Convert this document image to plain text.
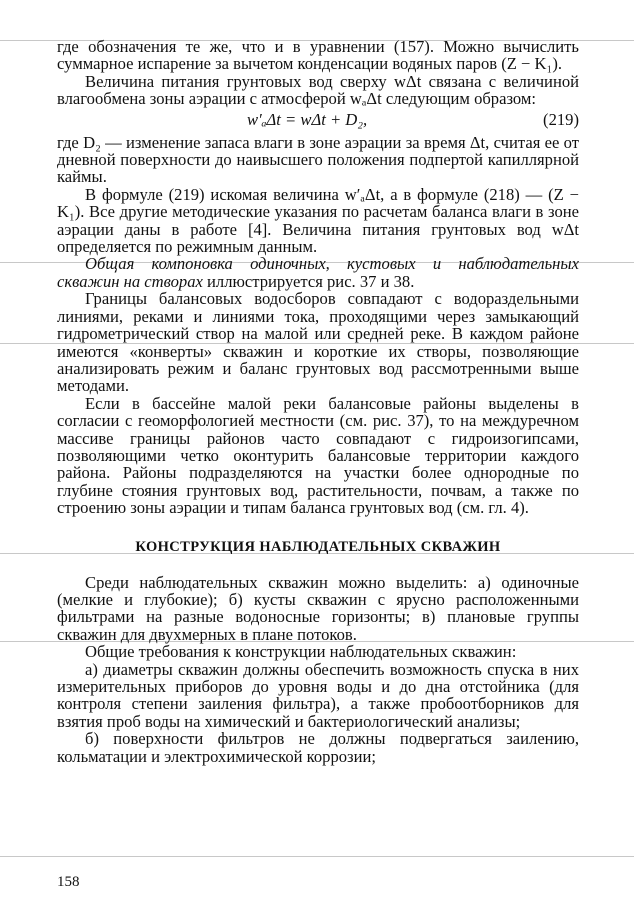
где обозначения те же, что и в уравнении (157). Можно вычислить суммарное испарение за вычетом конденсации водяных паров (Z − K₁).

Величина питания грунтовых вод сверху wΔt связана с величиной влагообмена зоны аэрации с атмосферой wₐΔt следующим образом:

w′ₐΔt = wΔt + D₂,	(219)

где D₂ — изменение запаса влаги в зоне аэрации за время Δt, считая ее от дневной поверхности до наивысшего положения подпертой капиллярной каймы.

В формуле (219) искомая величина w′ₐΔt, а в формуле (218) — (Z − K₁). Все другие методические указания по расчетам баланса влаги в зоне аэрации даны в работе [4]. Величина питания грунтовых вод wΔt определяется по режимным данным.

Общая компоновка одиночных, кустовых и наблюдательных скважин на створах иллюстрируется рис. 37 и 38.

Границы балансовых водосборов совпадают с водораздельными линиями, реками и линиями тока, проходящими через замыкающий гидрометрический створ на малой или средней реке. В каждом районе имеются «конверты» скважин и короткие их створы, позволяющие анализировать режим и баланс грунтовых вод рассмотренными выше методами.

Если в бассейне малой реки балансовые районы выделены в согласии с геоморфологией местности (см. рис. 37), то на междуречном массиве границы районов часто совпадают с гидроизогипсами, позволяющими четко оконтурить балансовые территории каждого района. Районы подразделяются на участки более однородные по глубине стояния грунтовых вод, растительности, почвам, а также по строению зоны аэрации и типам баланса грунтовых вод (см. гл. 4).

КОНСТРУКЦИЯ НАБЛЮДАТЕЛЬНЫХ СКВАЖИН

Среди наблюдательных скважин можно выделить: а) одиночные (мелкие и глубокие); б) кусты скважин с ярусно расположенными фильтрами на разные водоносные горизонты; в) плановые группы скважин для двухмерных в плане потоков.

Общие требования к конструкции наблюдательных скважин:

а) диаметры скважин должны обеспечить возможность спуска в них измерительных приборов до уровня воды и до дна отстойника (для контроля степени заиления фильтра), а также пробоотборников для взятия проб воды на химический и бактериологический анализы;

б) поверхности фильтров не должны подвергаться заилению, кольматации и электрохимической коррозии;

158
